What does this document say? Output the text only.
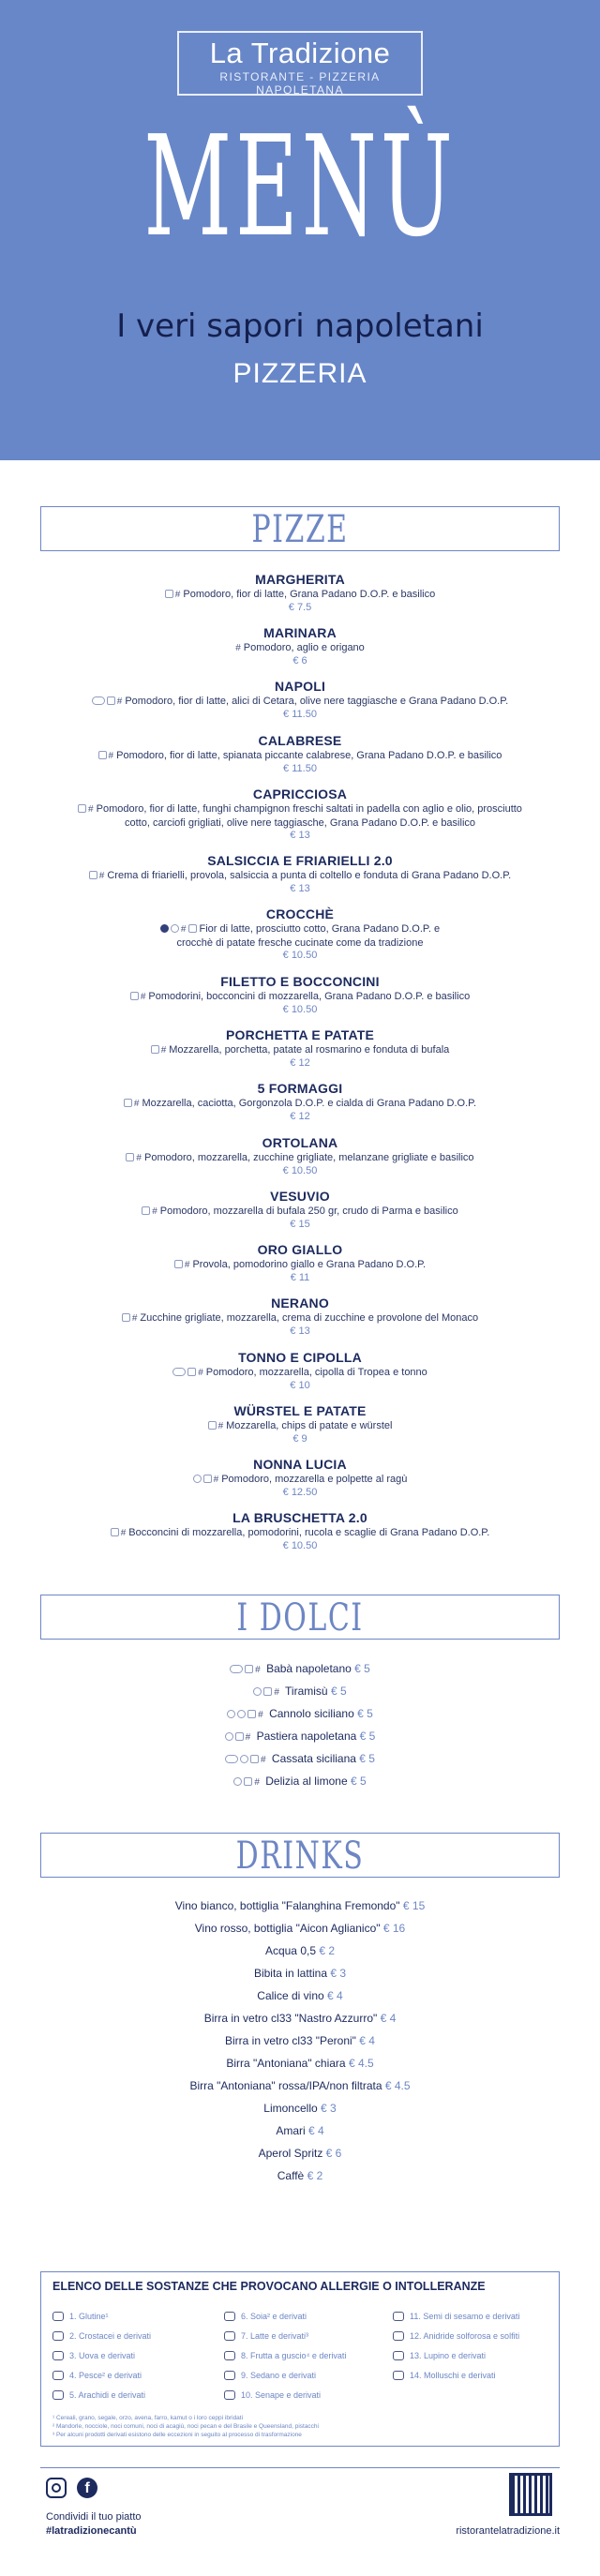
La Tradizione
RISTORANTE - PIZZERIA NAPOLETANA
MENÙ
I veri sapori napoletani
PIZZERIA
PIZZE
MARGHERITA
# Pomodoro, fior di latte, Grana Padano D.O.P. e basilico
€ 7.5
MARINARA
# Pomodoro, aglio e origano
€ 6
NAPOLI
# Pomodoro, fior di latte, alici di Cetara, olive nere taggiasche e Grana Padano D.O.P.
€ 11.50
CALABRESE
# Pomodoro, fior di latte, spianata piccante calabrese, Grana Padano D.O.P. e basilico
€ 11.50
CAPRICCIOSA
# Pomodoro, fior di latte, funghi champignon freschi saltati in padella con aglio e olio, prosciutto cotto, carciofi grigliati, olive nere taggiasche, Grana Padano D.O.P. e basilico
€ 13
SALSICCIA E FRIARIELLI 2.0
# Crema di friarielli, provola, salsiccia a punta di coltello e fonduta di Grana Padano D.O.P.
€ 13
CROCCHÈ
# Fior di latte, prosciutto cotto, Grana Padano D.O.P. e crocchè di patate fresche cucinate come da tradizione
€ 10.50
FILETTO E BOCCONCINI
# Pomodorini, bocconcini di mozzarella, Grana Padano D.O.P. e basilico
€ 10.50
PORCHETTA E PATATE
# Mozzarella, porchetta, patate al rosmarino e fonduta di bufala
€ 12
5 FORMAGGI
# Mozzarella, caciotta, Gorgonzola D.O.P. e cialda di Grana Padano D.O.P.
€ 12
ORTOLANA
# Pomodoro, mozzarella, zucchine grigliate, melanzane grigliate e basilico
€ 10.50
VESUVIO
# Pomodoro, mozzarella di bufala 250 gr, crudo di Parma e basilico
€ 15
ORO GIALLO
# Provola, pomodorino giallo e Grana Padano D.O.P.
€ 11
NERANO
# Zucchine grigliate, mozzarella, crema di zucchine e provolone del Monaco
€ 13
TONNO E CIPOLLA
# Pomodoro, mozzarella, cipolla di Tropea e tonno
€ 10
WÜRSTEL E PATATE
# Mozzarella, chips di patate e würstel
€ 9
NONNA LUCIA
# Pomodoro, mozzarella e polpette al ragù
€ 12.50
LA BRUSCHETTA 2.0
# Bocconcini di mozzarella, pomodorini, rucola e scaglie di Grana Padano D.O.P.
€ 10.50
I DOLCI
# Babà napoletano € 5
# Tiramisù € 5
# Cannolo siciliano € 5
# Pastiera napoletana € 5
# Cassata siciliana € 5
# Delizia al limone € 5
DRINKS
Vino bianco, bottiglia "Falanghina Fremondo" € 15
Vino rosso, bottiglia "Aicon Aglianico" € 16
Acqua 0,5 € 2
Bibita in lattina € 3
Calice di vino € 4
Birra in vetro cl33 "Nastro Azzurro" € 4
Birra in vetro cl33 "Peroni" € 4
Birra "Antoniana" chiara € 4.5
Birra "Antoniana" rossa/IPA/non filtrata € 4.5
Limoncello € 3
Amari € 4
Aperol Spritz € 6
Caffè € 2
ELENCO DELLE SOSTANZE CHE PROVOCANO ALLERGIE O INTOLLERANZE
1. Glutine¹
2. Crostacei e derivati
3. Uova e derivati
4. Pesce² e derivati
5. Arachidi e derivati
6. Soia² e derivati
7. Latte e derivati³
8. Frutta a guscio⁴ e derivati
9. Sedano e derivati
10. Senape e derivati
11. Semi di sesamo e derivati
12. Anidride solforosa e solfiti
13. Lupino e derivati
14. Molluschi e derivati
¹ Cereali, grano, segale, orzo, avena, farro, kamut o i loro ceppi ibridati
² Mandorle, nocciole, noci comuni, noci di acagiù, noci pecan e del Brasile e Queensland, pistacchi
³ Per alcuni prodotti derivati esistono delle eccezioni in seguito al processo di trasformazione
f
Condividi il tuo piatto
#latradizionecantù	ristorantelatradizione.it
